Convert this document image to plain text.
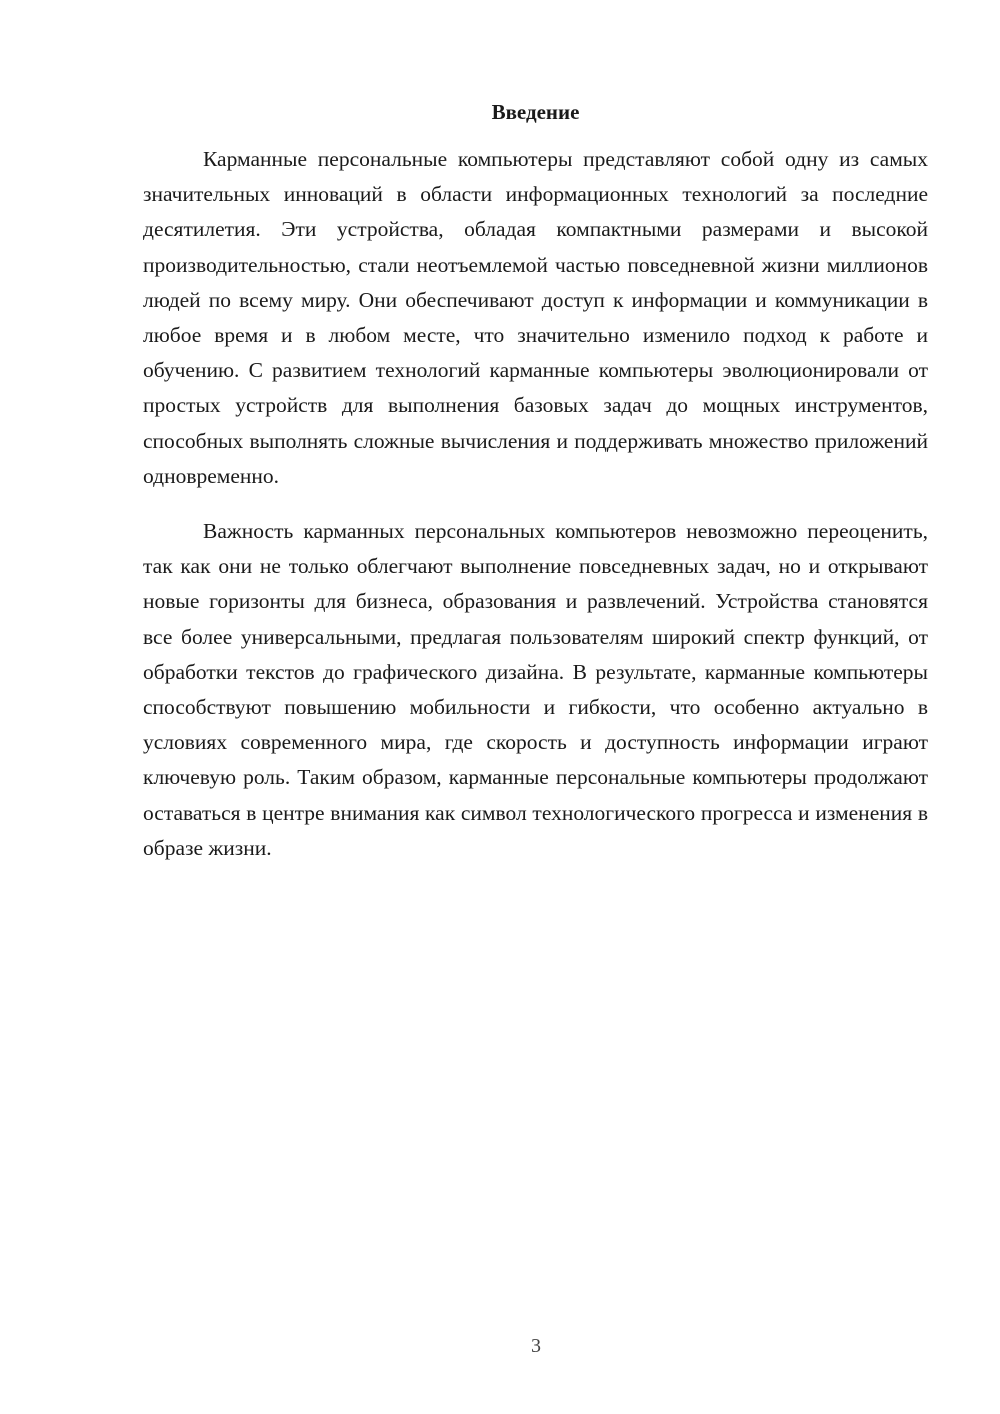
Введение

Карманные персональные компьютеры представляют собой одну из самых значительных инноваций в области информационных технологий за последние десятилетия. Эти устройства, обладая компактными размерами и высокой производительностью, стали неотъемлемой частью повседневной жизни миллионов людей по всему миру. Они обеспечивают доступ к информации и коммуникации в любое время и в любом месте, что значительно изменило подход к работе и обучению. С развитием технологий карманные компьютеры эволюционировали от простых устройств для выполнения базовых задач до мощных инструментов, способных выполнять сложные вычисления и поддерживать множество приложений одновременно.

Важность карманных персональных компьютеров невозможно переоценить, так как они не только облегчают выполнение повседневных задач, но и открывают новые горизонты для бизнеса, образования и развлечений. Устройства становятся все более универсальными, предлагая пользователям широкий спектр функций, от обработки текстов до графического дизайна. В результате, карманные компьютеры способствуют повышению мобильности и гибкости, что особенно актуально в условиях современного мира, где скорость и доступность информации играют ключевую роль. Таким образом, карманные персональные компьютеры продолжают оставаться в центре внимания как символ технологического прогресса и изменения в образе жизни.

3
